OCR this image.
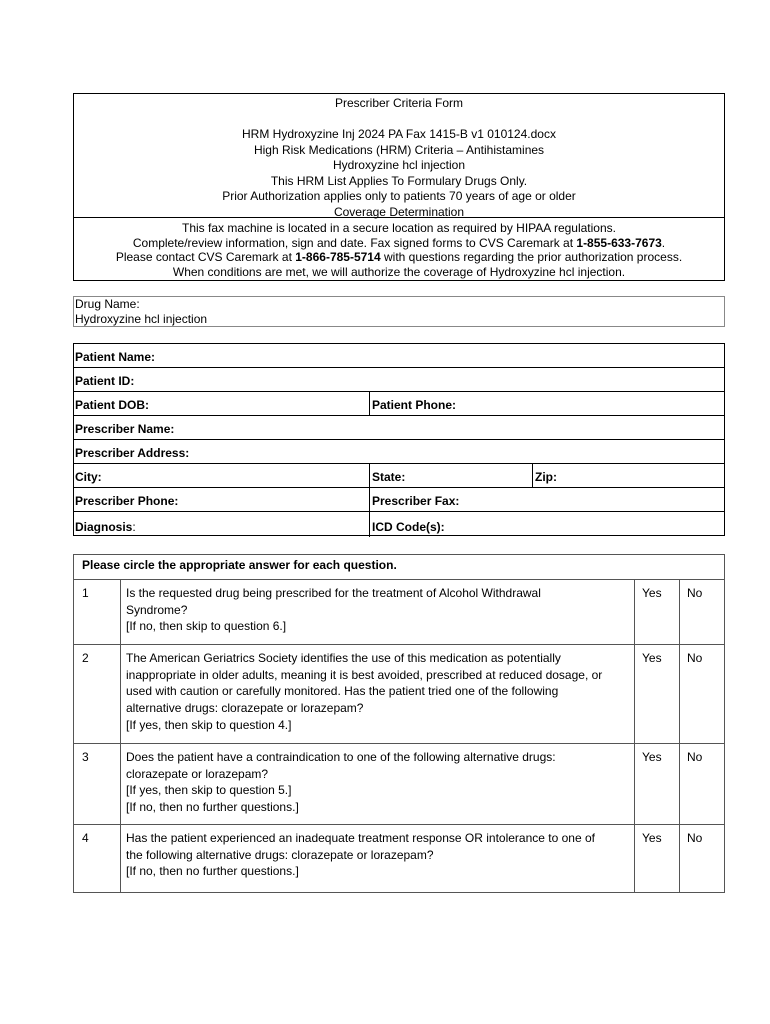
Prescriber Criteria Form
HRM Hydroxyzine Inj 2024 PA Fax 1415-B v1 010124.docx
High Risk Medications (HRM) Criteria – Antihistamines
Hydroxyzine hcl injection
This HRM List Applies To Formulary Drugs Only.
Prior Authorization applies only to patients 70 years of age or older
Coverage Determination
This fax machine is located in a secure location as required by HIPAA regulations.
Complete/review information, sign and date. Fax signed forms to CVS Caremark at 1-855-633-7673.
Please contact CVS Caremark at 1-866-785-5714 with questions regarding the prior authorization process.
When conditions are met, we will authorize the coverage of Hydroxyzine hcl injection.
Drug Name:
Hydroxyzine hcl injection
Patient Name:
Patient ID:
Patient DOB:	Patient Phone:
Prescriber Name:
Prescriber Address:
City:	State:	Zip:
Prescriber Phone:	Prescriber Fax:
Diagnosis:	ICD Code(s):
Please circle the appropriate answer for each question.
1	Is the requested drug being prescribed for the treatment of Alcohol Withdrawal
Syndrome?
[If no, then skip to question 6.]
Yes No
2	The American Geriatrics Society identifies the use of this medication as potentially
inappropriate in older adults, meaning it is best avoided, prescribed at reduced dosage, or
used with caution or carefully monitored. Has the patient tried one of the following
alternative drugs: clorazepate or lorazepam?
[If yes, then skip to question 4.]
Yes No
3	Does the patient have a contraindication to one of the following alternative drugs:
clorazepate or lorazepam?
[If yes, then skip to question 5.]
[If no, then no further questions.]
Yes No
4	Has the patient experienced an inadequate treatment response OR intolerance to one of
the following alternative drugs: clorazepate or lorazepam?
[If no, then no further questions.]
Yes No
